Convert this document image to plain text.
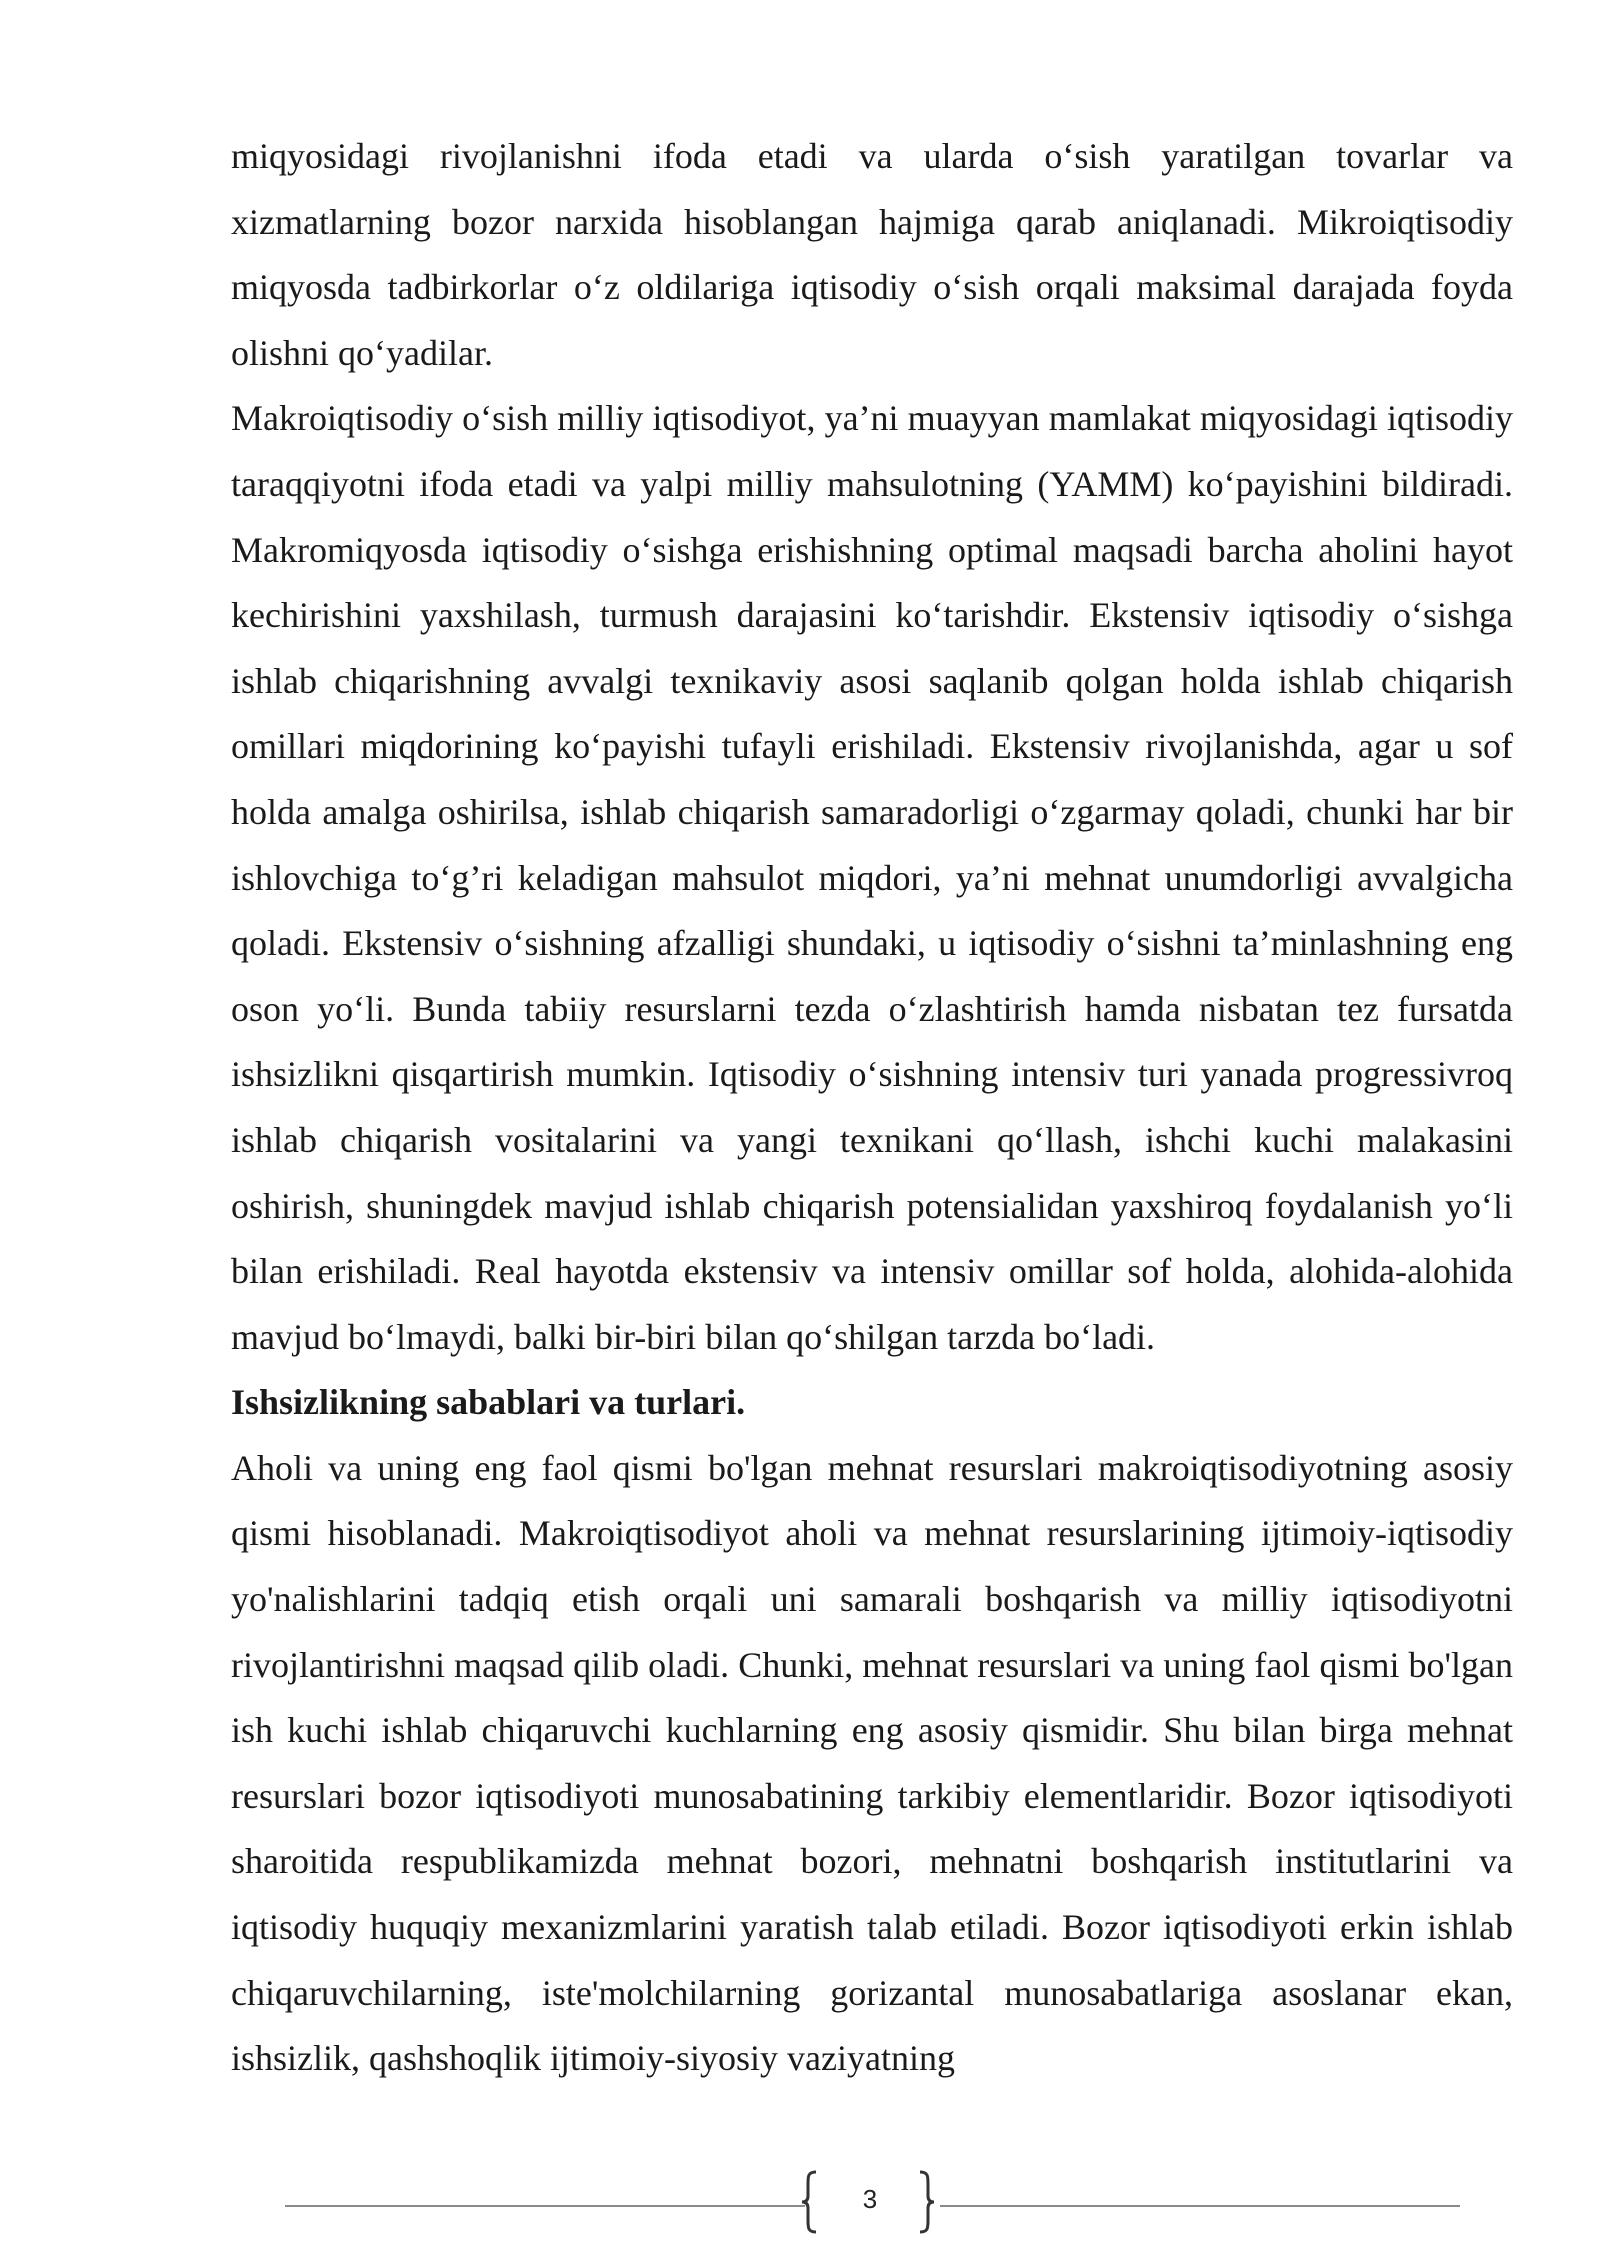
miqyosidagi rivojlanishni ifoda etadi va ularda o‘sish yaratilgan tovarlar va xizmatlarning bozor narxida hisoblangan hajmiga qarab aniqlanadi. Mikroiqtisodiy miqyosda tadbirkorlar o‘z oldilariga iqtisodiy o‘sish orqali maksimal darajada foyda olishni qo‘yadilar.

Makroiqtisodiy o‘sish milliy iqtisodiyot, ya’ni muayyan mamlakat miqyosidagi iqtisodiy taraqqiyotni ifoda etadi va yalpi milliy mahsulotning (YAMM) ko‘payishini bildiradi. Makromiqyosda iqtisodiy o‘sishga erishishning optimal maqsadi barcha aholini hayot kechirishini yaxshilash, turmush darajasini ko‘tarishdir. Ekstensiv iqtisodiy o‘sishga ishlab chiqarishning avvalgi texnikaviy asosi saqlanib qolgan holda ishlab chiqarish omillari miqdorining ko‘payishi tufayli erishiladi. Ekstensiv rivojlanishda, agar u sof holda amalga oshirilsa, ishlab chiqarish samaradorligi o‘zgarmay qoladi, chunki har bir ishlovchiga to‘g’ri keladigan mahsulot miqdori, ya’ni mehnat unumdorligi avvalgicha qoladi. Ekstensiv o‘sishning afzalligi shundaki, u iqtisodiy o‘sishni ta’minlashning eng oson yo‘li. Bunda tabiiy resurslarni tezda o‘zlashtirish hamda nisbatan tez fursatda ishsizlikni qisqartirish mumkin. Iqtisodiy o‘sishning intensiv turi yanada progressivroq ishlab chiqarish vositalarini va yangi texnikani qo‘llash, ishchi kuchi malakasini oshirish, shuningdek mavjud ishlab chiqarish potensialidan yaxshiroq foydalanish yo‘li bilan erishiladi. Real hayotda ekstensiv va intensiv omillar sof holda, alohida-alohida mavjud bo‘lmaydi, balki bir-biri bilan qo‘shilgan tarzda bo‘ladi.

Ishsizlikning sabablari va turlari.

Aholi va uning eng faol qismi bo'lgan mehnat resurslari makroiqtisodiyotning asosiy qismi hisoblanadi. Makroiqtisodiyot aholi va mehnat resurslarining ijtimoiy-iqtisodiy yo'nalishlarini tadqiq etish orqali uni samarali boshqarish va milliy iqtisodiyotni rivojlantirishni maqsad qilib oladi. Chunki, mehnat resurslari va uning faol qismi bo'lgan ish kuchi ishlab chiqaruvchi kuchlarning eng asosiy qismidir. Shu bilan birga mehnat resurslari bozor iqtisodiyoti munosabatining tarkibiy elementlaridir. Bozor iqtisodiyoti sharoitida respublikamizda mehnat bozori, mehnatni boshqarish institutlarini va iqtisodiy huquqiy mexanizmlarini yaratish talab etiladi. Bozor iqtisodiyoti erkin ishlab chiqaruvchilarning, iste'molchilarning gorizantal munosabatlariga asoslanar ekan, ishsizlik, qashshoqlik ijtimoiy-siyosiy vaziyatning

3
